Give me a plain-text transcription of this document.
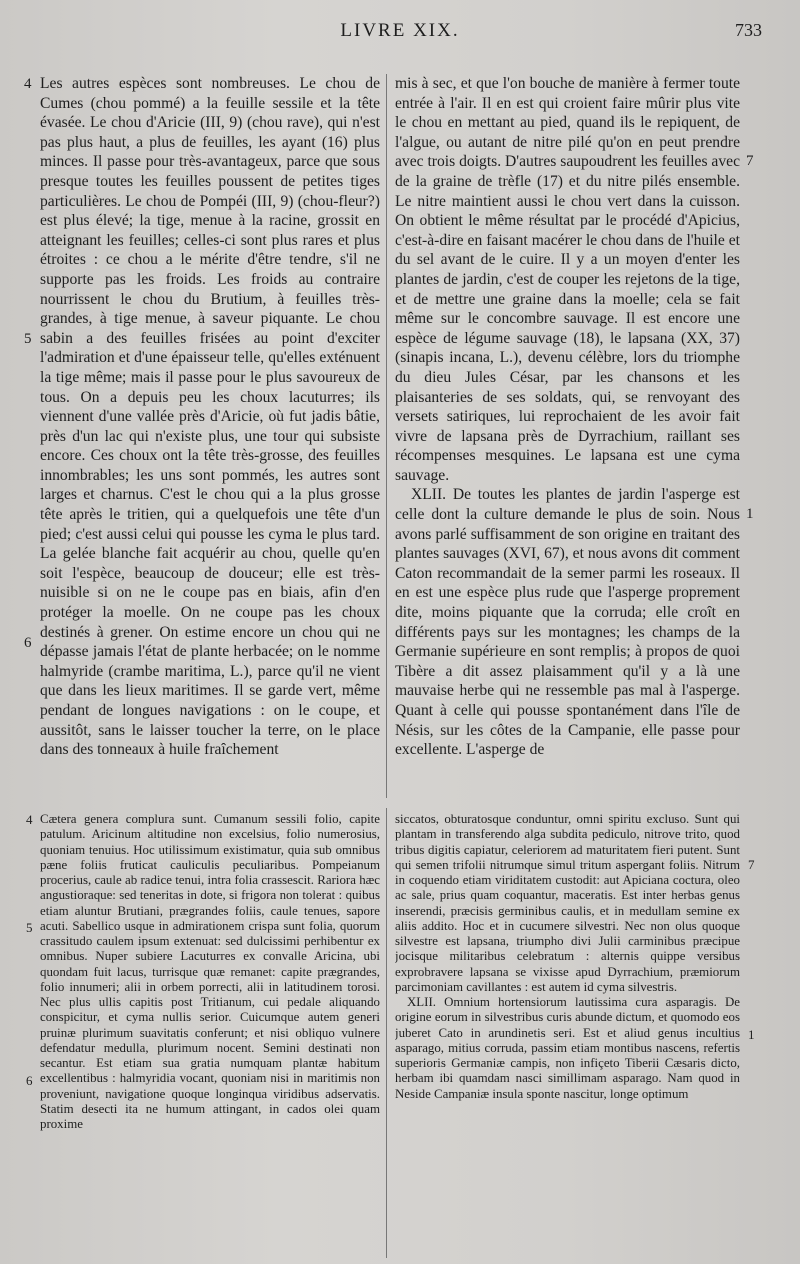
LIVRE XIX.	733

Les autres espèces sont nombreuses. Le chou de Cumes (chou pommé) a la feuille sessile et la tête évasée. Le chou d'Aricie (III, 9) (chou rave), qui n'est pas plus haut, a plus de feuilles, les ayant (16) plus minces. Il passe pour très-avantageux, parce que sous presque toutes les feuilles poussent de petites tiges particulières. Le chou de Pompéi (III, 9) (chou-fleur?) est plus élevé; la tige, menue à la racine, grossit en atteignant les feuilles; celles-ci sont plus rares et plus étroites : ce chou a le mérite d'être tendre, s'il ne supporte pas les froids. Les froids au contraire nourrissent le chou du Brutium, à feuilles très-grandes, à tige menue, à saveur piquante. Le chou sabin a des feuilles frisées au point d'exciter l'admiration et d'une épaisseur telle, qu'elles exténuent la tige même; mais il passe pour le plus savoureux de tous. On a depuis peu les choux lacuturres; ils viennent d'une vallée près d'Aricie, où fut jadis bâtie, près d'un lac qui n'existe plus, une tour qui subsiste encore. Ces choux ont la tête très-grosse, des feuilles innombrables; les uns sont pommés, les autres sont larges et charnus. C'est le chou qui a la plus grosse tête après le tritien, qui a quelquefois une tête d'un pied; c'est aussi celui qui pousse les cyma le plus tard. La gelée blanche fait acquérir au chou, quelle qu'en soit l'espèce, beaucoup de douceur; elle est très-nuisible si on ne le coupe pas en biais, afin d'en protéger la moelle. On ne coupe pas les choux destinés à grener. On estime encore un chou qui ne dépasse jamais l'état de plante herbacée; on le nomme halmyride (crambe maritima, L.), parce qu'il ne vient que dans les lieux maritimes. Il se garde vert, même pendant de longues navigations : on le coupe, et aussitôt, sans le laisser toucher la terre, on le place dans des tonneaux à huile fraîchement

mis à sec, et que l'on bouche de manière à fermer toute entrée à l'air. Il en est qui croient faire mûrir plus vite le chou en mettant au pied, quand ils le repiquent, de l'algue, ou autant de nitre pilé qu'on en peut prendre avec trois doigts. D'autres saupoudrent les feuilles avec de la graine de trèfle (17) et du nitre pilés ensemble. Le nitre maintient aussi le chou vert dans la cuisson. On obtient le même résultat par le procédé d'Apicius, c'est-à-dire en faisant macérer le chou dans de l'huile et du sel avant de le cuire. Il y a un moyen d'enter les plantes de jardin, c'est de couper les rejetons de la tige, et de mettre une graine dans la moelle; cela se fait même sur le concombre sauvage. Il est encore une espèce de légume sauvage (18), le lapsana (XX, 37) (sinapis incana, L.), devenu célèbre, lors du triomphe du dieu Jules César, par les chansons et les plaisanteries de ses soldats, qui, se renvoyant des versets satiriques, lui reprochaient de les avoir fait vivre de lapsana près de Dyrrachium, raillant ses récompenses mesquines. Le lapsana est une cyma sauvage.

XLII. De toutes les plantes de jardin l'asperge est celle dont la culture demande le plus de soin. Nous avons parlé suffisamment de son origine en traitant des plantes sauvages (XVI, 67), et nous avons dit comment Caton recommandait de la semer parmi les roseaux. Il en est une espèce plus rude que l'asperge proprement dite, moins piquante que la corruda; elle croît en différents pays sur les montagnes; les champs de la Germanie supérieure en sont remplis; à propos de quoi Tibère a dit assez plaisamment qu'il y a là une mauvaise herbe qui ne ressemble pas mal à l'asperge. Quant à celle qui pousse spontanément dans l'île de Nésis, sur les côtes de la Campanie, elle passe pour excellente. L'asperge de

Cætera genera complura sunt. Cumanum sessili folio, capite patulum. Aricinum altitudine non excelsius, folio numerosius, quoniam tenuius. Hoc utilissimum existimatur, quia sub omnibus pæne foliis fruticat cauliculis peculiaribus. Pompeianum procerius, caule ab radice tenui, intra folia crassescit. Rariora hæc angustioraque: sed teneritas in dote, si frigora non tolerat : quibus etiam aluntur Brutiani, prægrandes foliis, caule tenues, sapore acuti. Sabellico usque in admirationem crispa sunt folia, quorum crassitudo caulem ipsum extenuat: sed dulcissimi perhibentur ex omnibus. Nuper subiere Lacuturres ex convalle Aricina, ubi quondam fuit lacus, turrisque quæ remanet: capite prægrandes, folio innumeri; alii in orbem porrecti, alii in latitudinem torosi. Nec plus ullis capitis post Tritianum, cui pedale aliquando conspicitur, et cyma nullis serior. Cuicumque autem generi pruinæ plurimum suavitatis conferunt; et nisi obliquo vulnere defendatur medulla, plurimum nocent. Semini destinati non secantur. Est etiam sua gratia numquam plantæ habitum excellentibus : halmyridia vocant, quoniam nisi in maritimis non proveniunt, navigatione quoque longinqua viridibus adservatis. Statim desecti ita ne humum attingant, in cados olei quam proxime

siccatos, obturatosque conduntur, omni spiritu excluso. Sunt qui plantam in transferendo alga subdita pediculo, nitrove trito, quod tribus digitis capiatur, celeriorem ad maturitatem fieri putent. Sunt qui semen trifolii nitrumque simul tritum aspergant foliis. Nitrum in coquendo etiam viriditatem custodit: aut Apiciana coctura, oleo ac sale, prius quam coquantur, maceratis. Est inter herbas genus inserendi, præcisis germinibus caulis, et in medullam semine ex aliis addito. Hoc et in cucumere silvestri. Nec non olus quoque silvestre est lapsana, triumpho divi Julii carminibus præcipue jocisque militaribus celebratum : alternis quippe versibus exprobravere lapsana se vixisse apud Dyrrachium, præmiorum parcimoniam cavillantes : est autem id cyma silvestris.

XLII. Omnium hortensiorum lautissima cura asparagis. De origine eorum in silvestribus curis abunde dictum, et quomodo eos juberet Cato in arundinetis seri. Est et aliud genus incultius asparago, mitius corruda, passim etiam montibus nascens, refertis superioris Germaniæ campis, non infiçeto Tiberii Cæsaris dicto, herbam ibi quamdam nasci simillimam asparago. Nam quod in Neside Campaniæ insula sponte nascitur, longe optimum

4
5
6
7
1
4
5
6
7
1
